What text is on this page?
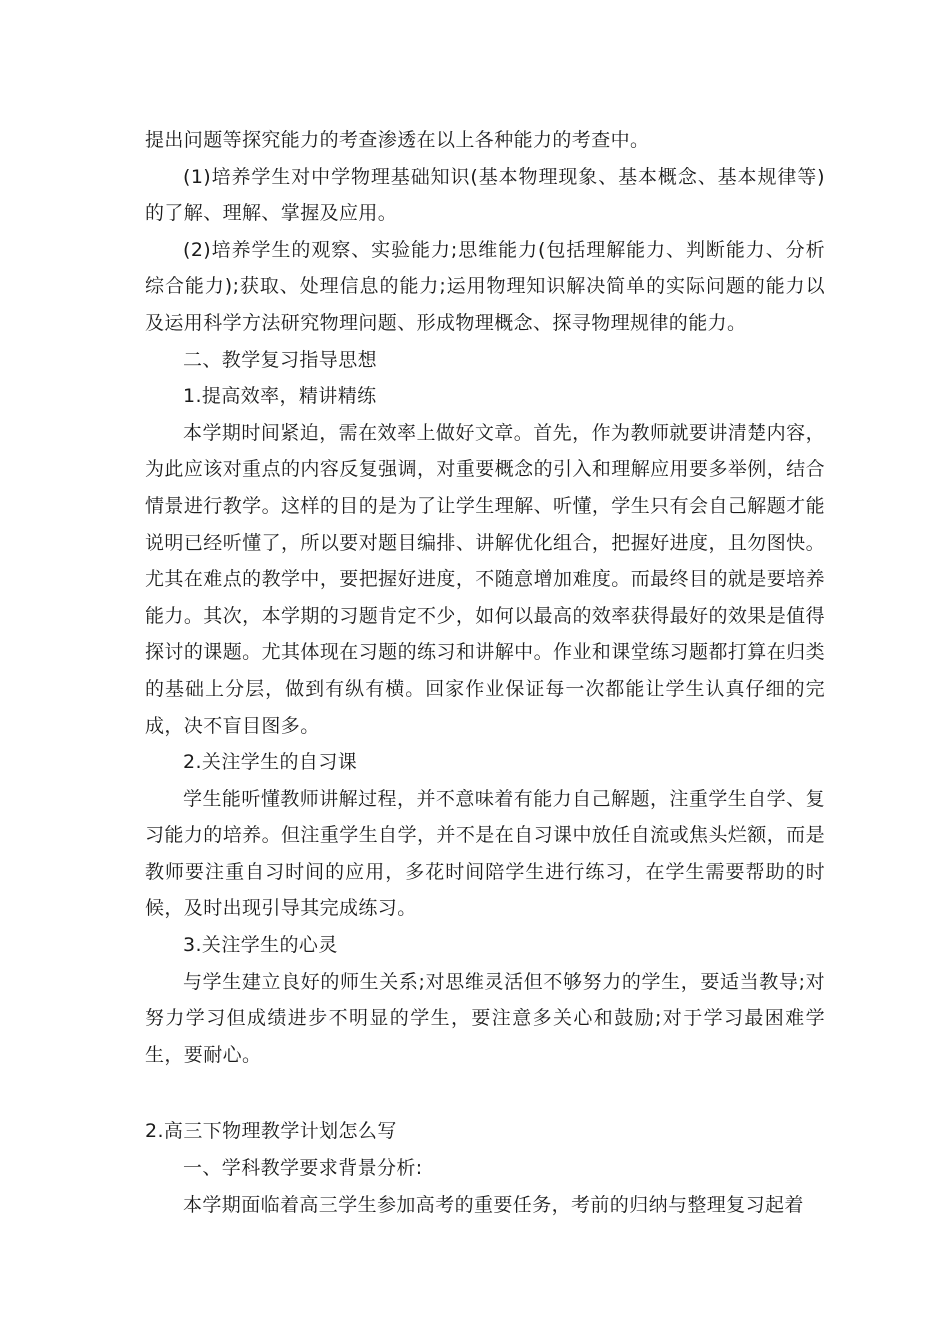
提出问题等探究能力的考查渗透在以上各种能力的考查中。

(1)培养学生对中学物理基础知识(基本物理现象、基本概念、基本规律等)的了解、理解、掌握及应用。

(2)培养学生的观察、实验能力;思维能力(包括理解能力、判断能力、分析综合能力);获取、处理信息的能力;运用物理知识解决简单的实际问题的能力以及运用科学方法研究物理问题、形成物理概念、探寻物理规律的能力。

二、教学复习指导思想

1.提高效率，精讲精练

本学期时间紧迫，需在效率上做好文章。首先，作为教师就要讲清楚内容，为此应该对重点的内容反复强调，对重要概念的引入和理解应用要多举例，结合情景进行教学。这样的目的是为了让学生理解、听懂，学生只有会自己解题才能说明已经听懂了，所以要对题目编排、讲解优化组合，把握好进度，且勿图快。尤其在难点的教学中，要把握好进度，不随意增加难度。而最终目的就是要培养能力。其次，本学期的习题肯定不少，如何以最高的效率获得最好的效果是值得探讨的课题。尤其体现在习题的练习和讲解中。作业和课堂练习题都打算在归类的基础上分层，做到有纵有横。回家作业保证每一次都能让学生认真仔细的完成，决不盲目图多。

2.关注学生的自习课

学生能听懂教师讲解过程，并不意味着有能力自己解题，注重学生自学、复习能力的培养。但注重学生自学，并不是在自习课中放任自流或焦头烂额，而是教师要注重自习时间的应用，多花时间陪学生进行练习，在学生需要帮助的时候，及时出现引导其完成练习。

3.关注学生的心灵

与学生建立良好的师生关系;对思维灵活但不够努力的学生，要适当教导;对努力学习但成绩进步不明显的学生，要注意多关心和鼓励;对于学习最困难学生，要耐心。

2.高三下物理教学计划怎么写

一、学科教学要求背景分析:

本学期面临着高三学生参加高考的重要任务，考前的归纳与整理复习起着
